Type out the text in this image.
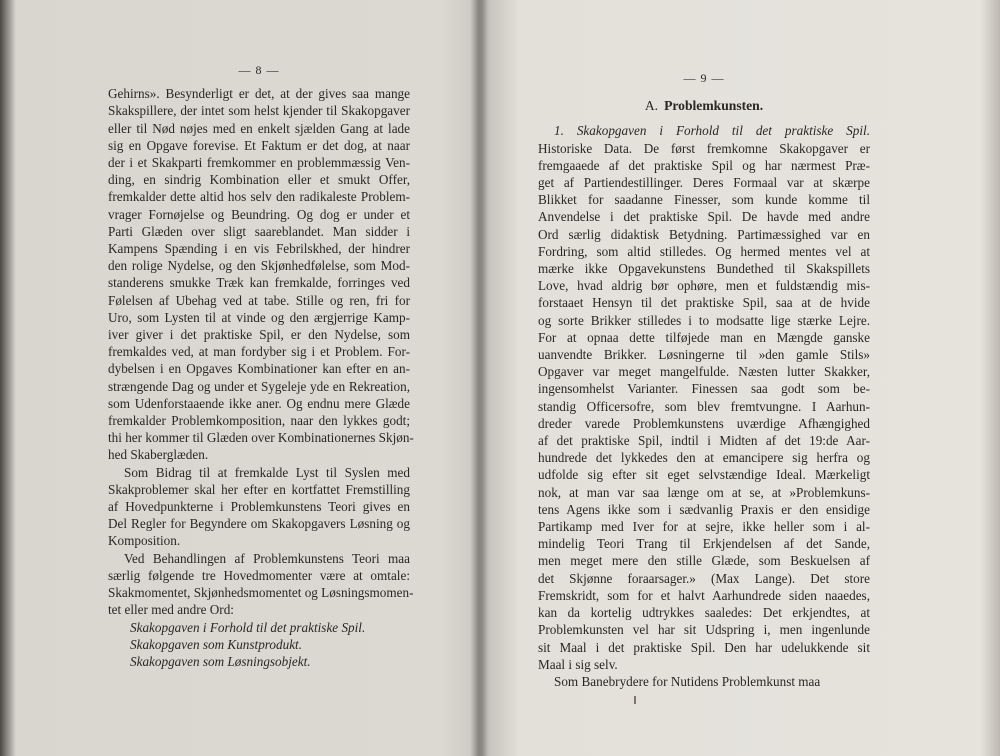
— 8 —
Gehirns». Besynderligt er det, at der gives saa mange
Skakspillere, der intet som helst kjender til Skakopgaver
eller til Nød nøjes med en enkelt sjælden Gang at lade
sig en Opgave forevise. Et Faktum er det dog, at naar
der i et Skakparti fremkommer en problemmæssig Ven-
ding, en sindrig Kombination eller et smukt Offer,
fremkalder dette altid hos selv den radikaleste Problem-
vrager Fornøjelse og Beundring. Og dog er under et
Parti Glæden over sligt saareblandet. Man sidder i
Kampens Spænding i en vis Febrilskhed, der hindrer
den rolige Nydelse, og den Skjønhedfølelse, som Mod-
standerens smukke Træk kan fremkalde, forringes ved
Følelsen af Ubehag ved at tabe. Stille og ren, fri for
Uro, som Lysten til at vinde og den ærgjerrige Kamp-
iver giver i det praktiske Spil, er den Nydelse, som
fremkaldes ved, at man fordyber sig i et Problem. For-
dybelsen i en Opgaves Kombinationer kan efter en an-
strængende Dag og under et Sygeleje yde en Rekreation,
som Udenforstaaende ikke aner. Og endnu mere Glæde
fremkalder Problemkomposition, naar den lykkes godt;
thi her kommer til Glæden over Kombinationernes Skjøn-
hed Skaberglæden.
Som Bidrag til at fremkalde Lyst til Syslen med
Skakproblemer skal her efter en kortfattet Fremstilling
af Hovedpunkterne i Problemkunstens Teori gives en
Del Regler for Begyndere om Skakopgavers Løsning og
Komposition.
Ved Behandlingen af Problemkunstens Teori maa
særlig følgende tre Hovedmomenter være at omtale:
Skakmomentet, Skjønhedsmomentet og Løsningsmomen-
tet eller med andre Ord:
Skakopgaven i Forhold til det praktiske Spil.
Skakopgaven som Kunstprodukt.
Skakopgaven som Løsningsobjekt.
— 9 —
A. Problemkunsten.
1. Skakopgaven i Forhold til det praktiske Spil.
Historiske Data. De først fremkomne Skakopgaver er
fremgaaede af det praktiske Spil og har nærmest Præ-
get af Partiendestillinger. Deres Formaal var at skærpe
Blikket for saadanne Finesser, som kunde komme til
Anvendelse i det praktiske Spil. De havde med andre
Ord særlig didaktisk Betydning. Partimæssighed var en
Fordring, som altid stilledes. Og hermed mentes vel at
mærke ikke Opgavekunstens Bundethed til Skakspillets
Love, hvad aldrig bør ophøre, men et fuldstændig mis-
forstaaet Hensyn til det praktiske Spil, saa at de hvide
og sorte Brikker stilledes i to modsatte lige stærke Lejre.
For at opnaa dette tilføjede man en Mængde ganske
uanvendte Brikker. Løsningerne til »den gamle Stils»
Opgaver var meget mangelfulde. Næsten lutter Skakker,
ingensomhelst Varianter. Finessen saa godt som be-
standig Officersofre, som blev fremtvungne. I Aarhun-
dreder varede Problemkunstens uværdige Afhængighed
af det praktiske Spil, indtil i Midten af det 19:de Aar-
hundrede det lykkedes den at emancipere sig herfra og
udfolde sig efter sit eget selvstændige Ideal. Mærkeligt
nok, at man var saa længe om at se, at »Problemkuns-
tens Agens ikke som i sædvanlig Praxis er den ensidige
Partikamp med Iver for at sejre, ikke heller som i al-
mindelig Teori Trang til Erkjendelsen af det Sande,
men meget mere den stille Glæde, som Beskuelsen af
det Skjønne foraarsager.» (Max Lange). Det store
Fremskridt, som for et halvt Aarhundrede siden naaedes,
kan da kortelig udtrykkes saaledes: Det erkjendtes, at
Problemkunsten vel har sit Udspring i, men ingenlunde
sit Maal i det praktiske Spil. Den har udelukkende sit
Maal i sig selv.
Som Banebrydere for Nutidens Problemkunst maa
